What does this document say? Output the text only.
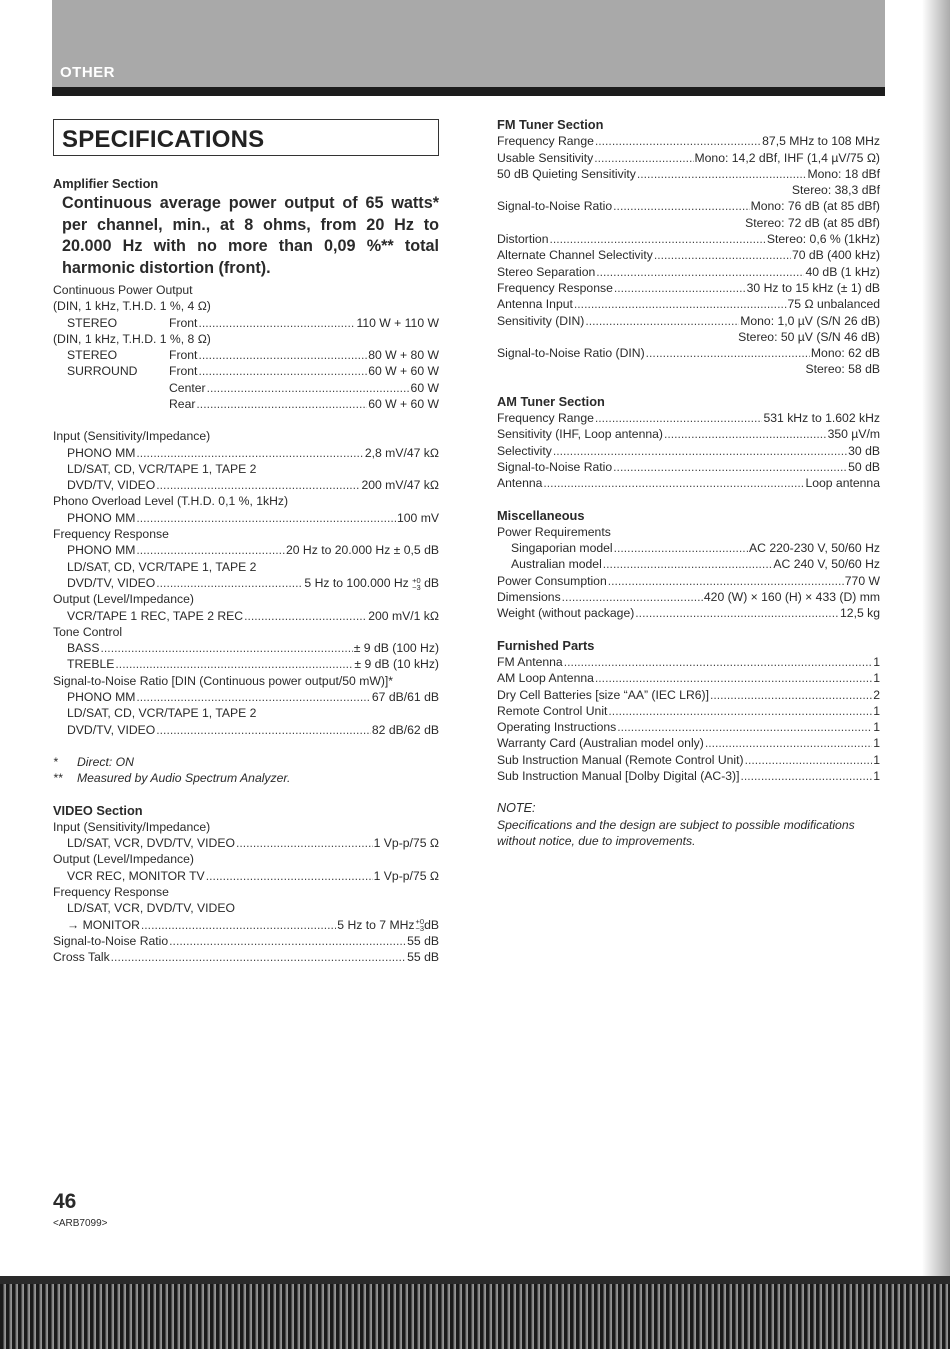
OTHER
SPECIFICATIONS
Amplifier Section
Continuous average power output of 65 watts* per channel, min., at 8 ohms, from 20 Hz to 20.000 Hz with no more than 0,09 %** total harmonic distortion (front).
Continuous Power Output
(DIN, 1 kHz, T.H.D. 1 %, 4 Ω)
STEREO	Front .....	110 W + 110 W
(DIN, 1 kHz, T.H.D. 1 %, 8 Ω)
STEREO	Front .....	80 W + 80 W
SURROUND	Front .....	60 W + 60 W
Center .....	60 W
Rear .....	60 W + 60 W
Input (Sensitivity/Impedance)
PHONO MM .....	2,8 mV/47 kΩ
LD/SAT, CD, VCR/TAPE 1, TAPE 2
DVD/TV, VIDEO .....	200 mV/47 kΩ
Phono Overload Level (T.H.D. 0,1 %, 1kHz)
PHONO MM .....	100 mV
Frequency Response
PHONO MM .....	20 Hz to 20.000 Hz ± 0,5 dB
LD/SAT, CD, VCR/TAPE 1, TAPE 2
DVD/TV, VIDEO .....	5 Hz to 100.000 Hz +0
−3 dB
Output (Level/Impedance)
VCR/TAPE 1 REC, TAPE 2 REC .....	200 mV/1 kΩ
Tone Control
BASS .....	± 9 dB (100 Hz)
TREBLE .....	± 9 dB (10 kHz)
Signal-to-Noise Ratio [DIN (Continuous power output/50 mW)]*
PHONO MM .....	67 dB/61 dB
LD/SAT, CD, VCR/TAPE 1, TAPE 2
DVD/TV, VIDEO .....	82 dB/62 dB
*	Direct: ON
**	Measured by Audio Spectrum Analyzer.
VIDEO Section
Input (Sensitivity/Impedance)
LD/SAT, VCR, DVD/TV, VIDEO .....	1 Vp-p/75 Ω
Output (Level/Impedance)
VCR REC, MONITOR TV .....	1 Vp-p/75 Ω
Frequency Response
LD/SAT, VCR, DVD/TV, VIDEO
→ MONITOR .....	5 Hz to 7 MHz +0
−3 dB
Signal-to-Noise Ratio .....	55 dB
Cross Talk .....	55 dB
FM Tuner Section
Frequency Range .....	87,5 MHz to 108 MHz
Usable Sensitivity .....	Mono: 14,2 dBf, IHF (1,4 µV/75 Ω)
50 dB Quieting Sensitivity .....	Mono: 18 dBf
Stereo: 38,3 dBf
Signal-to-Noise Ratio .....	Mono: 76 dB (at 85 dBf)
Stereo: 72 dB (at 85 dBf)
Distortion .....	Stereo: 0,6 % (1kHz)
Alternate Channel Selectivity .....	70 dB (400 kHz)
Stereo Separation .....	40 dB (1 kHz)
Frequency Response .....	30 Hz to 15 kHz (± 1) dB
Antenna Input .....	75 Ω unbalanced
Sensitivity (DIN) .....	Mono: 1,0 µV (S/N 26 dB)
Stereo: 50 µV (S/N 46 dB)
Signal-to-Noise Ratio (DIN) .....	Mono: 62 dB
Stereo: 58 dB
AM Tuner Section
Frequency Range .....	531 kHz to 1.602 kHz
Sensitivity (IHF, Loop antenna) .....	350 µV/m
Selectivity .....	30 dB
Signal-to-Noise Ratio .....	50 dB
Antenna .....	Loop antenna
Miscellaneous
Power Requirements
Singaporian model .....	AC 220-230 V, 50/60 Hz
Australian model .....	AC 240 V, 50/60 Hz
Power Consumption .....	770 W
Dimensions .....	420 (W) × 160 (H) × 433 (D) mm
Weight (without package) .....	12,5 kg
Furnished Parts
FM Antenna .....	1
AM Loop Antenna .....	1
Dry Cell Batteries [size “AA” (IEC LR6)] .....	2
Remote Control Unit .....	1
Operating Instructions .....	1
Warranty Card (Australian model only) .....	1
Sub Instruction Manual (Remote Control Unit) .....	1
Sub Instruction Manual [Dolby Digital (AC-3)] .....	1
NOTE:
Specifications and the design are subject to possible modifications without notice, due to improvements.
46
<ARB7099>
